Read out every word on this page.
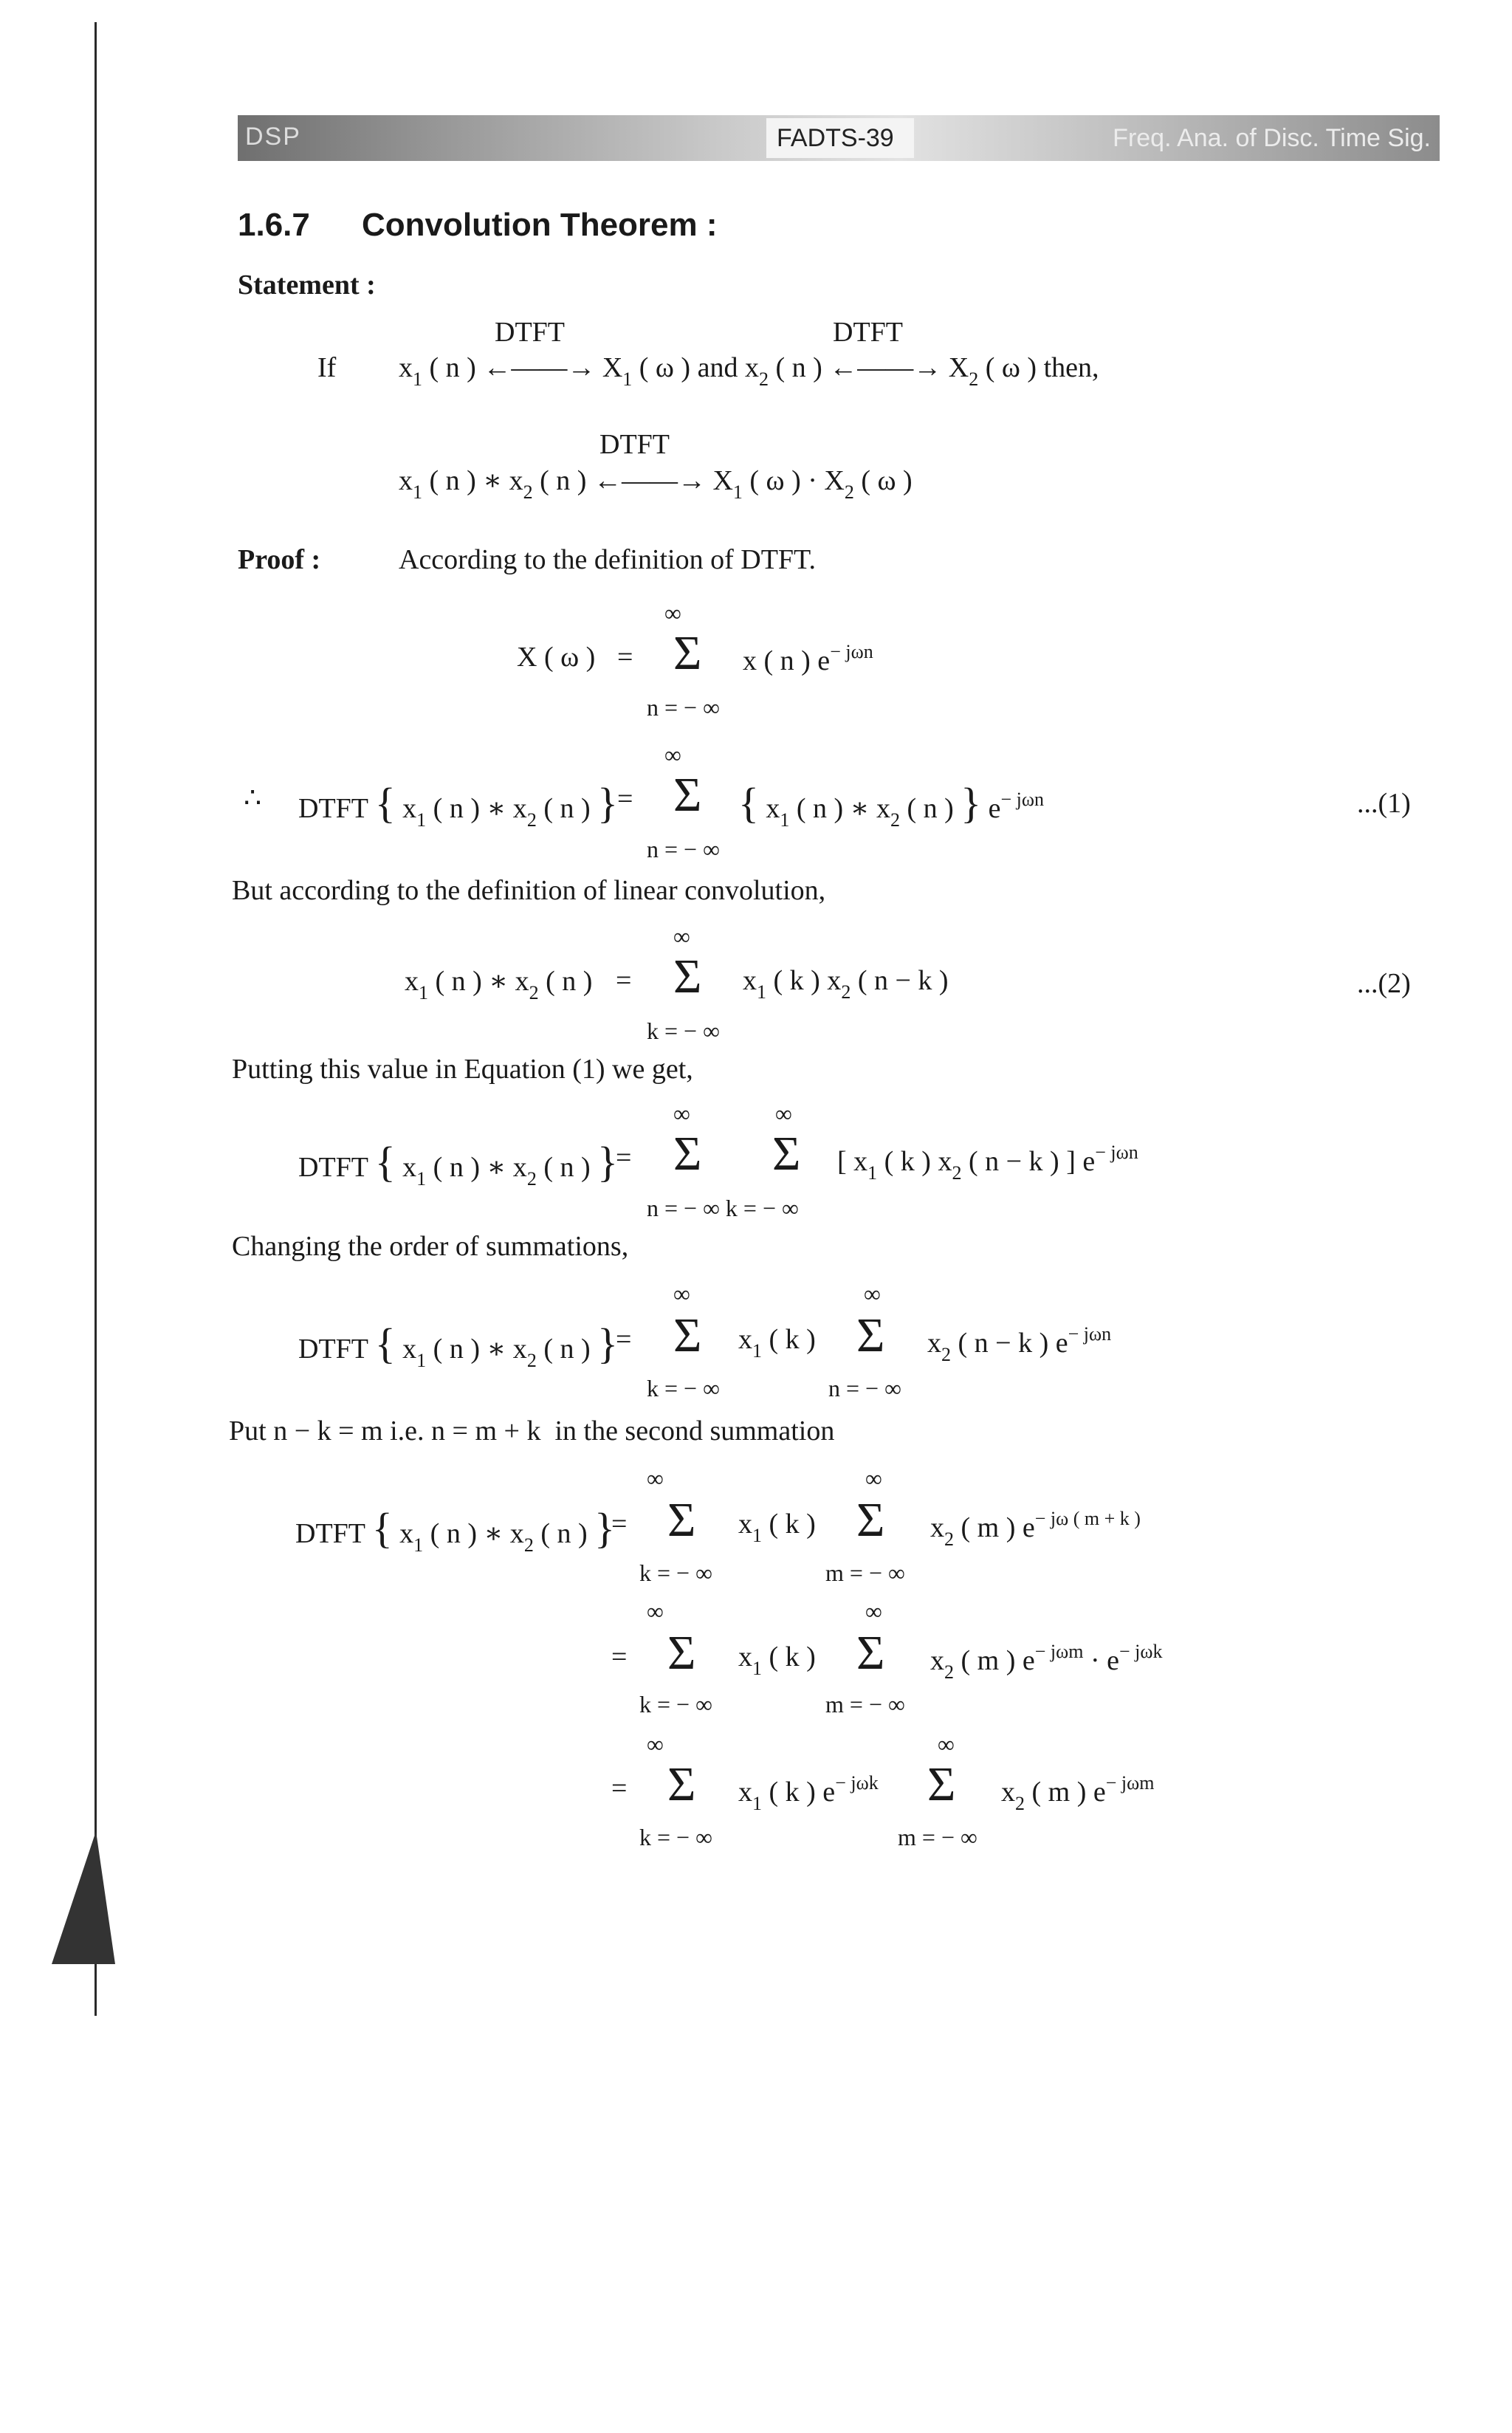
DSP	FADTS-39	Freq. Ana. of Disc. Time Sig.
1.6.7 Convolution Theorem :
Statement :
DTFT	DTFT
If $x_1$ ( n ) ←——→ $X_1$ ( ω ) and $x_2$ ( n ) ←——→ $X_2$ ( ω ) then,
DTFT
$x_1$ ( n ) ∗ $x_2$ ( n ) ←——→ $X_1$ ( ω ) · $X_2$ ( ω )
Proof :	According to the definition of DTFT.
∞
X ( ω ) = Σ x ( n ) $e^{- j\omega n}$
n = − ∞
∞
∴ DTFT { $x_1$ ( n ) ∗ $x_2$ ( n ) } = Σ { $x_1$ ( n ) ∗ $x_2$ ( n ) } $e^{- j\omega n}$
n = − ∞
...(1)
But according to the definition of linear convolution,
∞
$x_1$ ( n ) ∗ $x_2$ ( n ) = Σ $x_1$ ( k ) $x_2$ ( n − k )
k = − ∞
...(2)
Putting this value in Equation (1) we get,
∞	∞
DTFT { $x_1$ ( n ) ∗ $x_2$ ( n ) }
= Σ Σ [ $x_1$ ( k ) $x_2$ ( n − k ) ] $e^{- j\omega n}$
n = − ∞ k = − ∞
Changing the order of summations,
∞	∞
DTFT { $x_1$ ( n ) ∗ $x_2$ ( n ) }
= Σ $x_1$ ( k ) Σ $x_2$ ( n − k ) $e^{- j\omega n}$
k = − ∞	n = − ∞
Put n − k = m i.e. n = m + k in the second summation
∞	∞
DTFT { $x_1$ ( n ) ∗ $x_2$ ( n ) }
= Σ $x_1$ ( k ) Σ $x_2$ ( m ) $e^{- j\omega ( m + k )}$
k = − ∞	m = − ∞
∞	∞
= Σ $x_1$ ( k ) Σ $x_2$ ( m ) $e^{- j\omega m} \cdot e^{- j\omega k}$
k = − ∞	m = − ∞
∞	∞
= Σ $x_1$ ( k ) $e^{- j\omega k}$ Σ $x_2$ ( m ) $e^{- j\omega m}$
k = − ∞	m = − ∞
